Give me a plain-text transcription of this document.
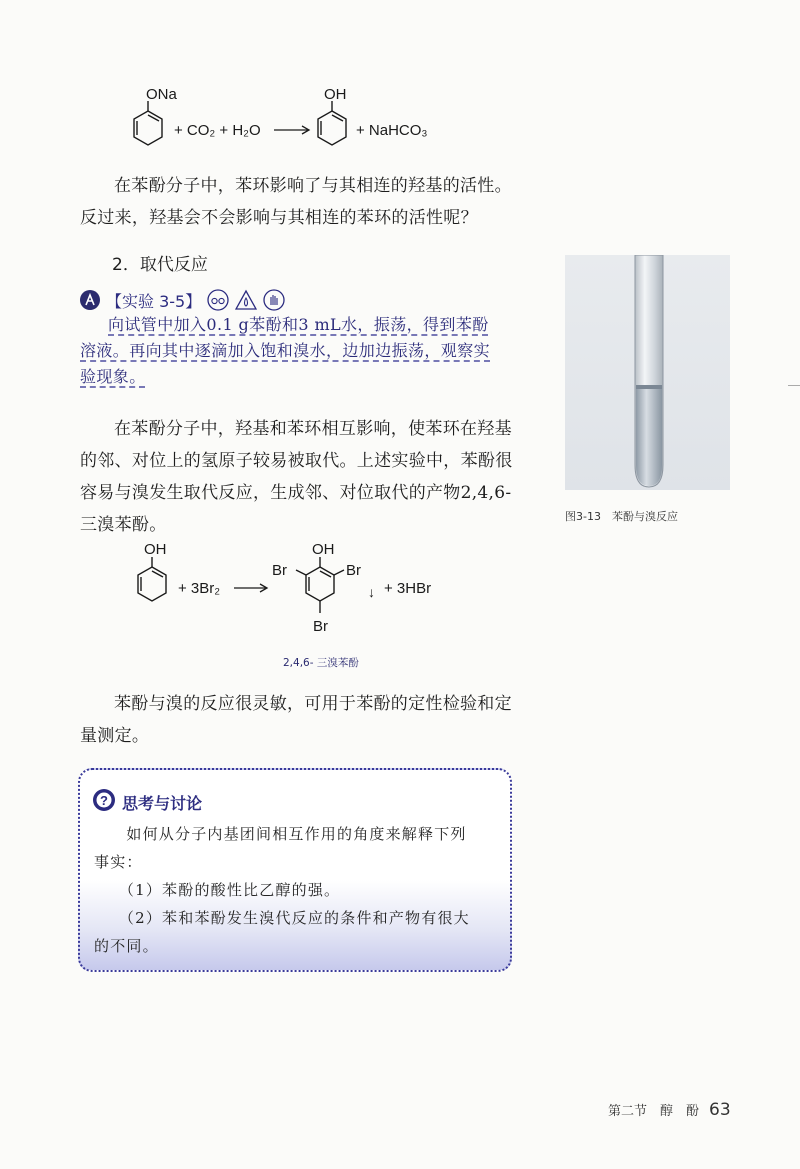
ONa
+ CO₂ + H₂O
OH
+ NaHCO₃

在苯酚分子中，苯环影响了与其相连的羟基的活性。

反过来，羟基会不会影响与其相连的苯环的活性呢？

2．取代反应
【实验 3-5】

向试管中加入0.1 g苯酚和3 mL水，振荡，得到苯酚

溶液。再向其中逐滴加入饱和溴水，边加边振荡，观察实

验现象。

图3-13　苯酚与溴反应

在苯酚分子中，羟基和苯环相互影响，使苯环在羟基

的邻、对位上的氢原子较易被取代。上述实验中，苯酚很

容易与溴发生取代反应，生成邻、对位取代的产物2,4,6-

三溴苯酚。

OH
+ 3Br₂
OH
Br	Br
Br
↓ + 3HBr
2,4,6- 三溴苯酚

苯酚与溴的反应很灵敏，可用于苯酚的定性检验和定

量测定。

? 思考与讨论

　　如何从分子内基团间相互作用的角度来解释下列

事实：

　　（1）苯酚的酸性比乙醇的强。

　　（2）苯和苯酚发生溴代反应的条件和产物有很大

的不同。

第二节　醇　酚 63
